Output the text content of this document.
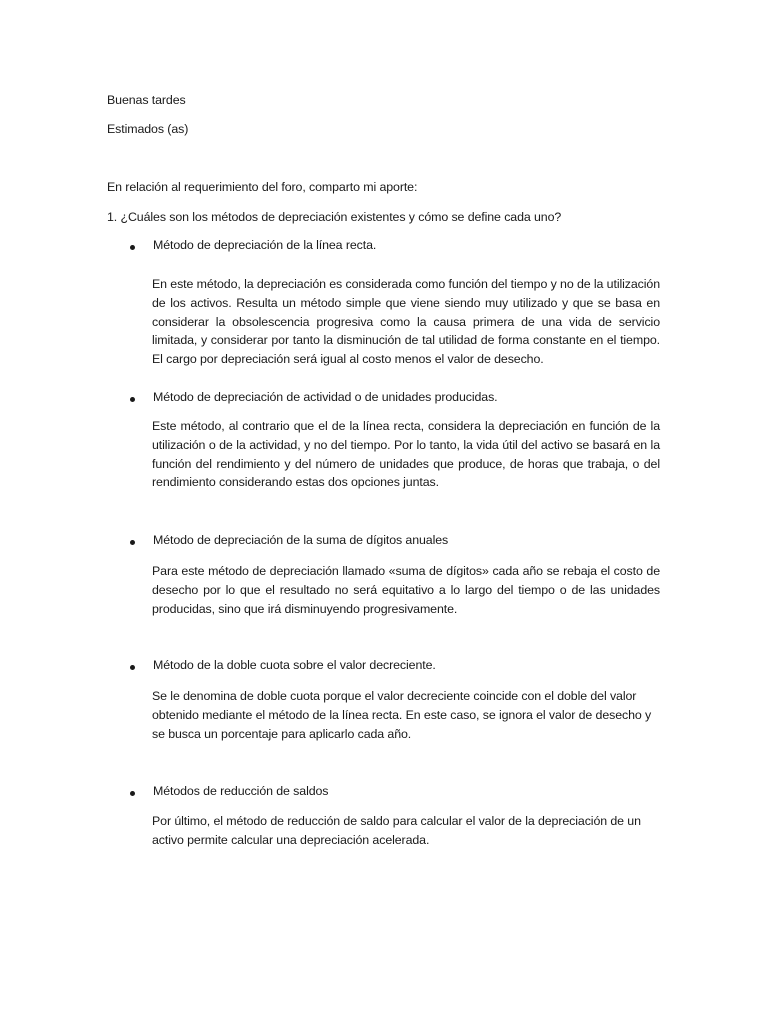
Buenas tardes
Estimados (as)
En relación al requerimiento del foro, comparto mi aporte:
1. ¿Cuáles son los métodos de depreciación existentes y cómo se define cada uno?
Método de depreciación de la línea recta.
En este método, la depreciación es considerada como función del tiempo y no de la utilización de los activos. Resulta un método simple que viene siendo muy utilizado y que se basa en considerar la obsolescencia progresiva como la causa primera de una vida de servicio limitada, y considerar por tanto la disminución de tal utilidad de forma constante en el tiempo. El cargo por depreciación será igual al costo menos el valor de desecho.
Método de depreciación de actividad o de unidades producidas.
Este método, al contrario que el de la línea recta, considera la depreciación en función de la utilización o de la actividad, y no del tiempo. Por lo tanto, la vida útil del activo se basará en la función del rendimiento y del número de unidades que produce, de horas que trabaja, o del rendimiento considerando estas dos opciones juntas.
Método de depreciación de la suma de dígitos anuales
Para este método de depreciación llamado «suma de dígitos» cada año se rebaja el costo de desecho por lo que el resultado no será equitativo a lo largo del tiempo o de las unidades producidas, sino que irá disminuyendo progresivamente.
Método de la doble cuota sobre el valor decreciente.
Se le denomina de doble cuota porque el valor decreciente coincide con el doble del valor obtenido mediante el método de la línea recta. En este caso, se ignora el valor de desecho y se busca un porcentaje para aplicarlo cada año.
Métodos de reducción de saldos
Por último, el método de reducción de saldo para calcular el valor de la depreciación de un activo permite calcular una depreciación acelerada.
